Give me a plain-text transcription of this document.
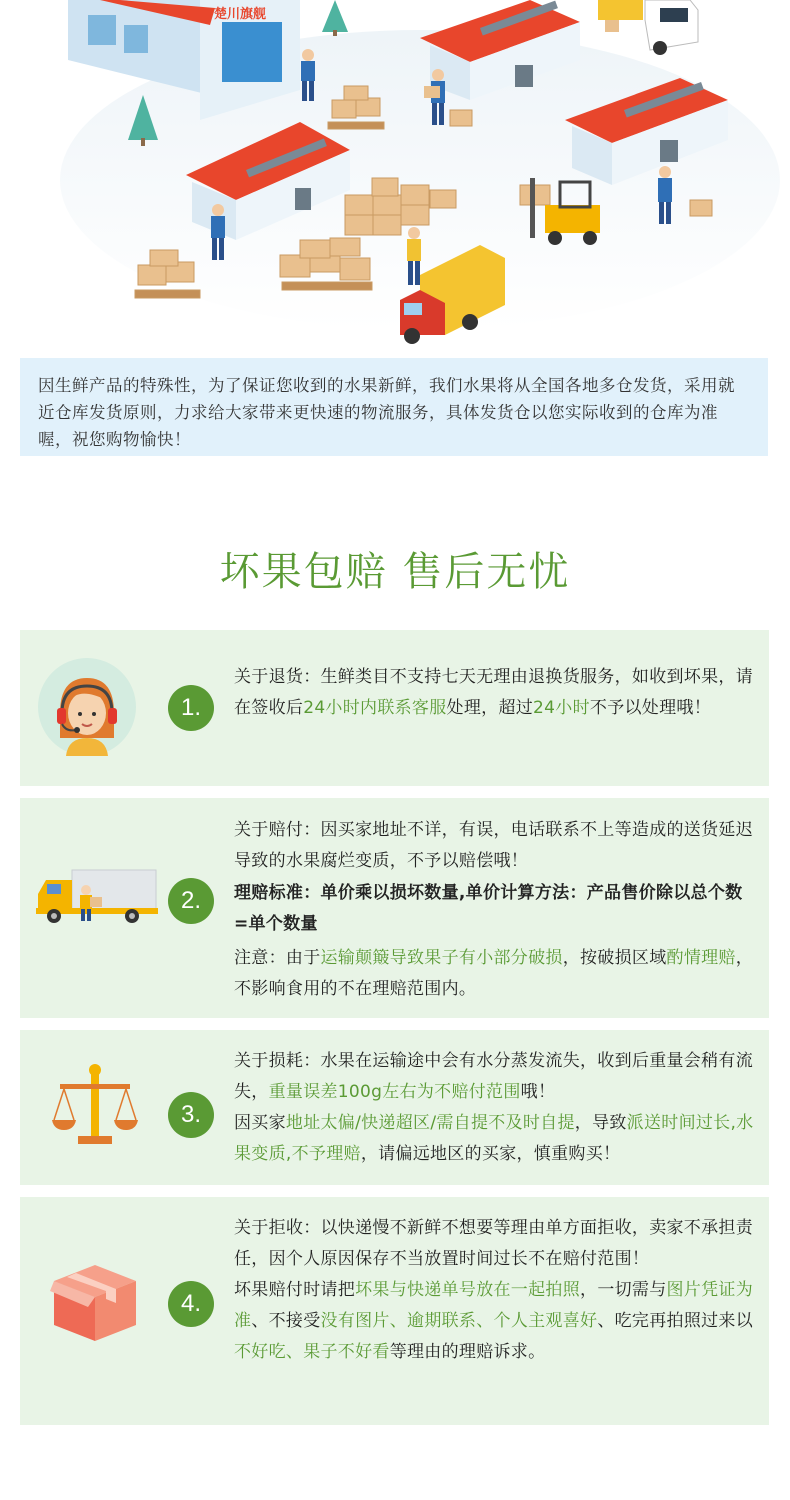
楚川旗舰

因生鲜产品的特殊性，为了保证您收到的水果新鲜，我们水果将从全国各地多仓发货，采用就近仓库发货原则，力求给大家带来更快速的物流服务，具体发货仓以您实际收到的仓库为准喔，祝您购物愉快！

坏果包赔 售后无忧
1.

关于退货：生鲜类目不支持七天无理由退换货服务，如收到坏果，请在签收后24小时内联系客服处理，超过24小时不予以处理哦！

2.

关于赔付：因买家地址不详，有误，电话联系不上等造成的送货延迟导致的水果腐烂变质，不予以赔偿哦！

理赔标准：单价乘以损坏数量,单价计算方法：产品售价除以总个数=单个数量

注意：由于运输颠簸导致果子有小部分破损，按破损区域酌情理赔，不影响食用的不在理赔范围内。

3.

关于损耗：水果在运输途中会有水分蒸发流失，收到后重量会稍有流失，重量误差100g左右为不赔付范围哦！

因买家地址太偏/快递超区/需自提不及时自提，导致派送时间过长,水果变质,不予理赔，请偏远地区的买家，慎重购买！

4.

关于拒收：以快递慢不新鲜不想要等理由单方面拒收，卖家不承担责任，因个人原因保存不当放置时间过长不在赔付范围！

坏果赔付时请把坏果与快递单号放在一起拍照，一切需与图片凭证为准、不接受没有图片、逾期联系、个人主观喜好、吃完再拍照过来以不好吃、果子不好看等理由的理赔诉求。
